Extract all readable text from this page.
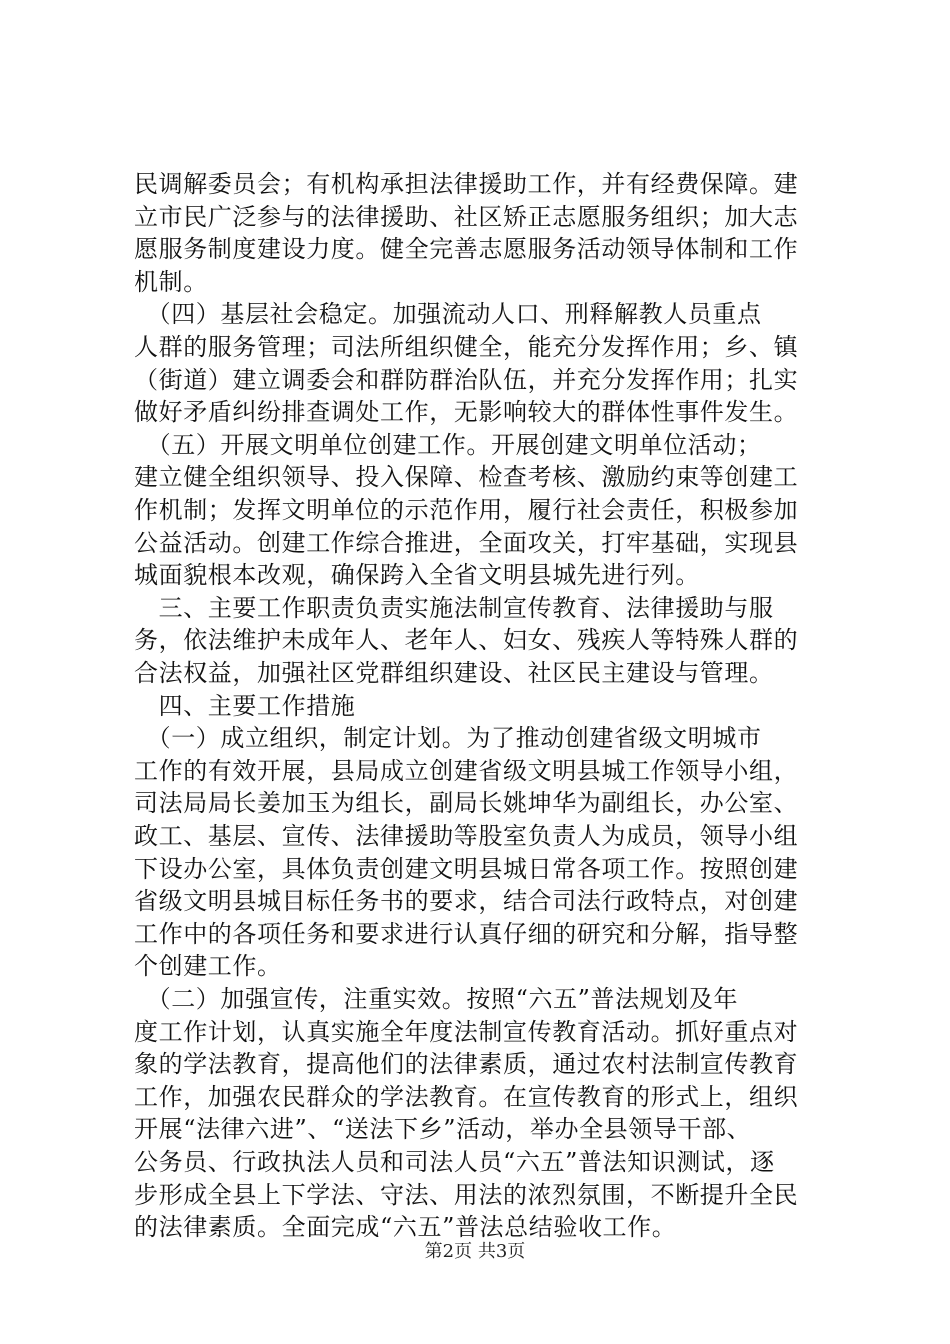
民调解委员会；有机构承担法律援助工作，并有经费保障。建
立市民广泛参与的法律援助、社区矫正志愿服务组织；加大志
愿服务制度建设力度。健全完善志愿服务活动领导体制和工作
机制。
　（四）基层社会稳定。加强流动人口、刑释解教人员重点
人群的服务管理；司法所组织健全，能充分发挥作用；乡、镇
（街道）建立调委会和群防群治队伍，并充分发挥作用；扎实
做好矛盾纠纷排查调处工作，无影响较大的群体性事件发生。
　（五）开展文明单位创建工作。开展创建文明单位活动；
建立健全组织领导、投入保障、检查考核、激励约束等创建工
作机制；发挥文明单位的示范作用，履行社会责任，积极参加
公益活动。创建工作综合推进，全面攻关，打牢基础，实现县
城面貌根本改观，确保跨入全省文明县城先进行列。
　三、主要工作职责负责实施法制宣传教育、法律援助与服
务，依法维护未成年人、老年人、妇女、残疾人等特殊人群的
合法权益，加强社区党群组织建设、社区民主建设与管理。
　四、主要工作措施
　（一）成立组织，制定计划。为了推动创建省级文明城市
工作的有效开展，县局成立创建省级文明县城工作领导小组，
司法局局长姜加玉为组长，副局长姚坤华为副组长，办公室、
政工、基层、宣传、法律援助等股室负责人为成员，领导小组
下设办公室，具体负责创建文明县城日常各项工作。按照创建
省级文明县城目标任务书的要求，结合司法行政特点，对创建
工作中的各项任务和要求进行认真仔细的研究和分解，指导整
个创建工作。
　（二）加强宣传，注重实效。按照“六五”普法规划及年
度工作计划，认真实施全年度法制宣传教育活动。抓好重点对
象的学法教育，提高他们的法律素质，通过农村法制宣传教育
工作，加强农民群众的学法教育。在宣传教育的形式上，组织
开展“法律六进”、“送法下乡”活动，举办全县领导干部、
公务员、行政执法人员和司法人员“六五”普法知识测试，逐
步形成全县上下学法、守法、用法的浓烈氛围，不断提升全民
的法律素质。全面完成“六五”普法总结验收工作。
第2页 共3页
